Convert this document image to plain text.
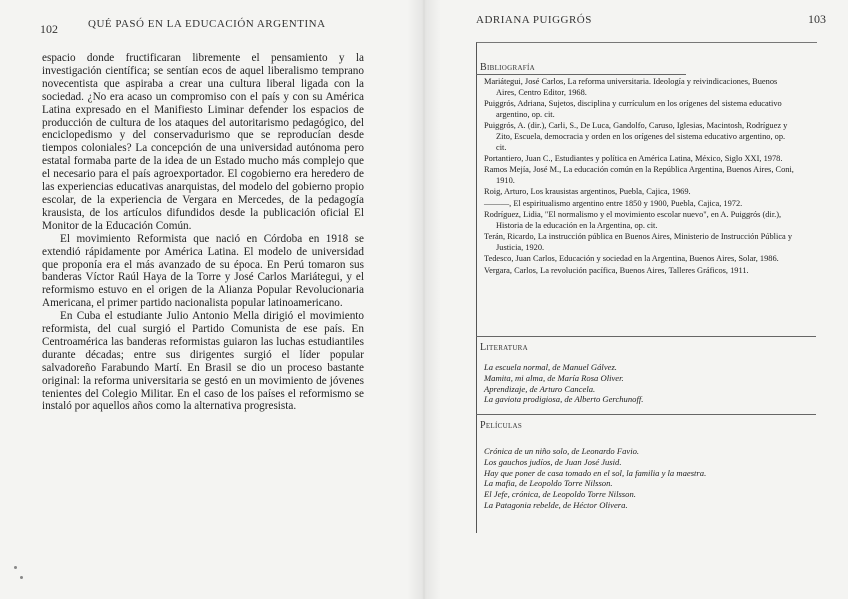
102	QUÉ PASÓ EN LA EDUCACIÓN ARGENTINA

espacio donde fructificaran libremente el pensamiento y la investigación científica; se sentían ecos de aquel liberalismo temprano novecentista que aspiraba a crear una cultura liberal ligada con la sociedad. ¿No era acaso un compromiso con el país y con su América Latina expresado en el Manifiesto Liminar defender los espacios de producción de cultura de los ataques del autoritarismo pedagógico, del enciclopedismo y del conservadurismo que se reproducían desde tiempos coloniales? La concepción de una universidad autónoma pero estatal formaba parte de la idea de un Estado mucho más complejo que el necesario para el país agroexportador. El cogobierno era heredero de las experiencias educativas anarquistas, del modelo del gobierno propio escolar, de la experiencia de Vergara en Mercedes, de la pedagogía krausista, de los artículos difundidos desde la publicación oficial El Monitor de la Educación Común.

El movimiento Reformista que nació en Córdoba en 1918 se extendió rápidamente por América Latina. El modelo de universidad que proponía era el más avanzado de su época. En Perú tomaron sus banderas Víctor Raúl Haya de la Torre y José Carlos Mariátegui, y el reformismo estuvo en el origen de la Alianza Popular Revolucionaria Americana, el primer partido nacionalista popular latinoamericano.

En Cuba el estudiante Julio Antonio Mella dirigió el movimiento reformista, del cual surgió el Partido Comunista de ese país. En Centroamérica las banderas reformistas guiaron las luchas estudiantiles durante décadas; entre sus dirigentes surgió el líder popular salvadoreño Farabundo Martí. En Brasil se dio un proceso bastante original: la reforma universitaria se gestó en un movimiento de jóvenes tenientes del Colegio Militar. En el caso de los países el reformismo se instaló por aquellos años como la alternativa progresista.

ADRIANA PUIGGRÓS	103
Bibliografía
Mariátegui, José Carlos, La reforma universitaria. Ideología y reivindicaciones, Buenos Aires, Centro Editor, 1968.
Puiggrós, Adriana, Sujetos, disciplina y currículum en los orígenes del sistema educativo argentino, op. cit.
Puiggrós, A. (dir.), Carli, S., De Luca, Gandolfo, Caruso, Iglesias, Macintosh, Rodríguez y Zito, Escuela, democracia y orden en los orígenes del sistema educativo argentino, op. cit.
Portantiero, Juan C., Estudiantes y política en América Latina, México, Siglo XXI, 1978.
Ramos Mejía, José M., La educación común en la República Argentina, Buenos Aires, Coni, 1910.
Roig, Arturo, Los krausistas argentinos, Puebla, Cajica, 1969.
———, El espiritualismo argentino entre 1850 y 1900, Puebla, Cajica, 1972.
Rodríguez, Lidia, "El normalismo y el movimiento escolar nuevo", en A. Puiggrós (dir.), Historia de la educación en la Argentina, op. cit.
Terán, Ricardo, La instrucción pública en Buenos Aires, Ministerio de Instrucción Pública y Justicia, 1920.
Tedesco, Juan Carlos, Educación y sociedad en la Argentina, Buenos Aires, Solar, 1986.
Vergara, Carlos, La revolución pacífica, Buenos Aires, Talleres Gráficos, 1911.
Literatura
La escuela normal, de Manuel Gálvez.
Mamita, mi alma, de María Rosa Oliver.
Aprendizaje, de Arturo Cancela.
La gaviota prodigiosa, de Alberto Gerchunoff.
Películas
Crónica de un niño solo, de Leonardo Favio.
Los gauchos judíos, de Juan José Jusid.
Hay que poner de casa tomado en el sol, la familia y la maestra.
La mafia, de Leopoldo Torre Nilsson.
El Jefe, crónica, de Leopoldo Torre Nilsson.
La Patagonia rebelde, de Héctor Olivera.
